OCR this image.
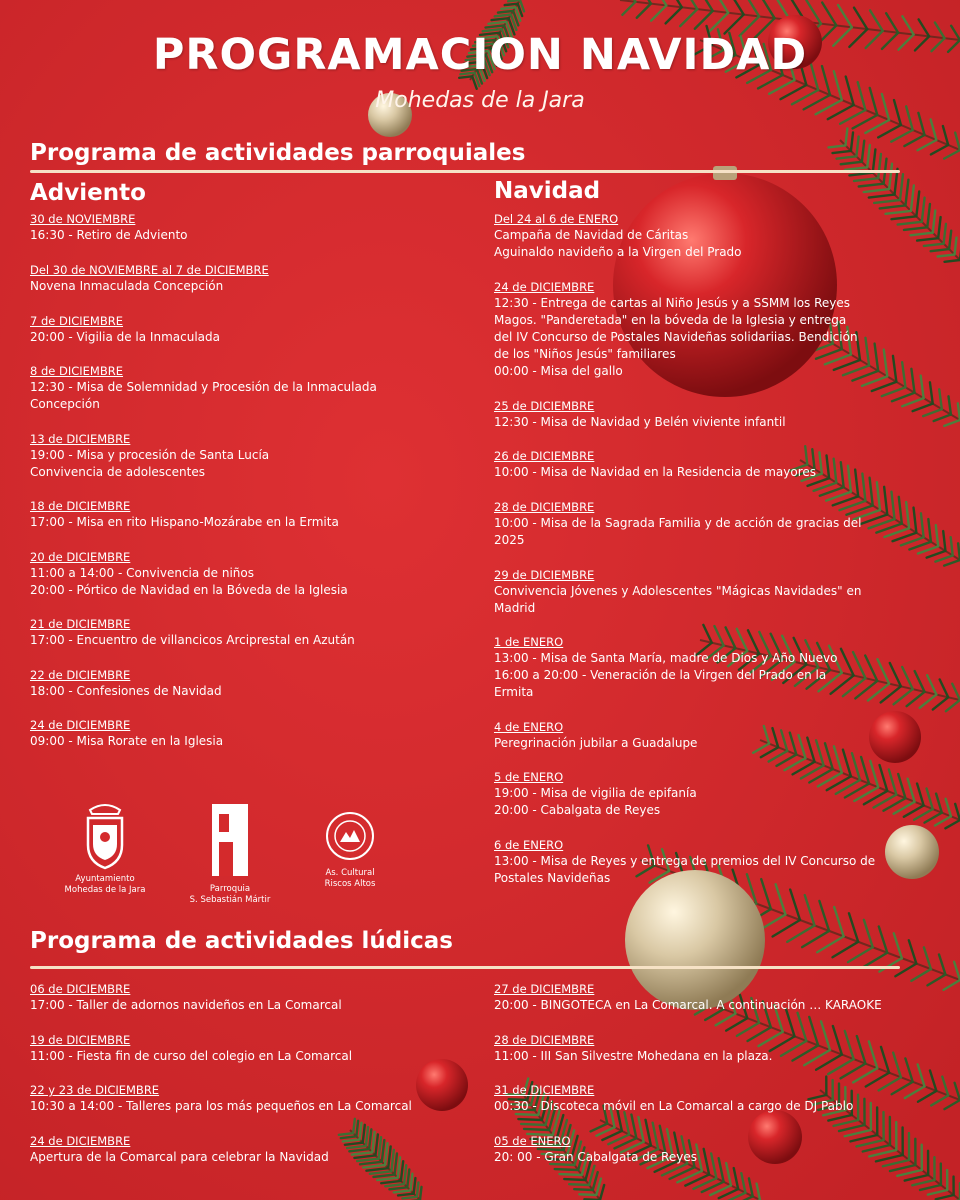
PROGRAMACION NAVIDAD
Mohedas de la Jara
Programa de actividades parroquiales
Adviento	Navidad
30 de NOVIEMBRE
16:30 - Retiro de Adviento
Del 30 de NOVIEMBRE al 7 de DICIEMBRE
Novena Inmaculada Concepción
7 de DICIEMBRE
20:00 - Vigilia de la Inmaculada
8 de DICIEMBRE
12:30 - Misa de Solemnidad y Procesión de la Inmaculada
Concepción
13 de DICIEMBRE
19:00 - Misa y procesión de Santa Lucía
Convivencia de adolescentes
18 de DICIEMBRE
17:00 - Misa en rito Hispano-Mozárabe en la Ermita
20 de DICIEMBRE
11:00 a 14:00 - Convivencia de niños
20:00 - Pórtico de Navidad en la Bóveda de la Iglesia
21 de DICIEMBRE
17:00 - Encuentro de villancicos Arciprestal en Azután
22 de DICIEMBRE
18:00 - Confesiones de Navidad
24 de DICIEMBRE
09:00 - Misa Rorate en la Iglesia
Del 24 al 6 de ENERO
Campaña de Navidad de Cáritas
Aguinaldo navideño a la Virgen del Prado
24 de DICIEMBRE
12:30 - Entrega de cartas al Niño Jesús y a SSMM los Reyes
Magos. "Panderetada" en la bóveda de la Iglesia y entrega
del IV Concurso de Postales Navideñas solidariias. Bendición
de los "Niños Jesús" familiares
00:00 - Misa del gallo
25 de DICIEMBRE
12:30 - Misa de Navidad y Belén viviente infantil
26 de DICIEMBRE
10:00 - Misa de Navidad en la Residencia de mayores
28 de DICIEMBRE
10:00 - Misa de la Sagrada Familia y de acción de gracias del
2025
29 de DICIEMBRE
Convivencia Jóvenes y Adolescentes "Mágicas Navidades" en
Madrid
1 de ENERO
13:00 - Misa de Santa María, madre de Dios y Año Nuevo
16:00 a 20:00 - Veneración de la Virgen del Prado en la
Ermita
4 de ENERO
Peregrinación jubilar a Guadalupe
5 de ENERO
19:00 - Misa de vigilia de epifanía
20:00 - Cabalgata de Reyes
6 de ENERO
13:00 - Misa de Reyes y entrega de premios del IV Concurso de
Postales Navideñas
Ayuntamiento
Mohedas de la Jara	Parroquia
S. Sebastián Mártir
As. Cultural
Riscos Altos
Programa de actividades lúdicas
06 de DICIEMBRE
17:00 - Taller de adornos navideños en La Comarcal
19 de DICIEMBRE
11:00 - Fiesta fin de curso del colegio en La Comarcal
22 y 23 de DICIEMBRE
10:30 a 14:00 - Talleres para los más pequeños en La Comarcal
24 de DICIEMBRE
Apertura de la Comarcal para celebrar la Navidad
27 de DICIEMBRE
20:00 - BINGOTECA en La Comarcal. A continuación … KARAOKE
28 de DICIEMBRE
11:00 - III San Silvestre Mohedana en la plaza.
31 de DICIEMBRE
00:30 - Discoteca móvil en La Comarcal a cargo de DJ Pablo
05 de ENERO
20: 00 - Gran Cabalgata de Reyes
